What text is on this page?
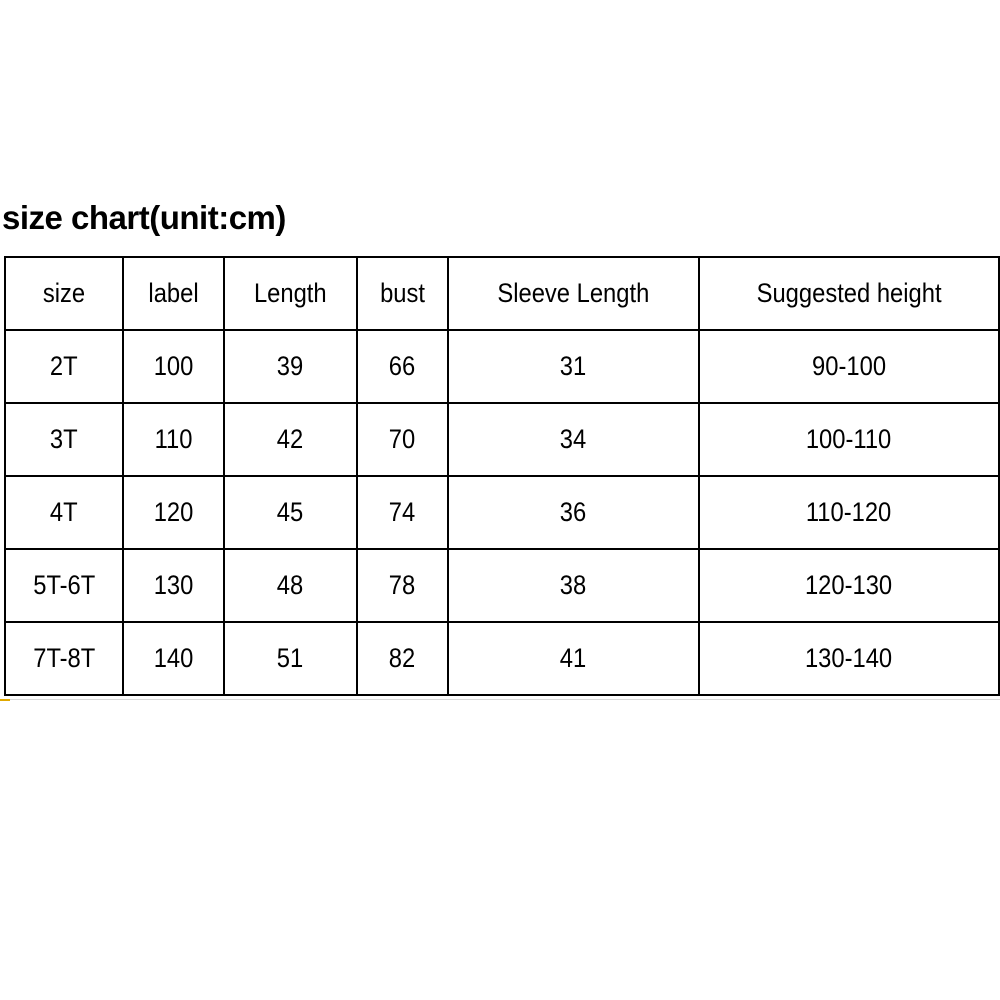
size chart(unit:cm)
size	label	Length	bust	Sleeve Length	Suggested height
2T	100	39	66	31	90-100
3T	110	42	70	34	100-110
4T	120	45	74	36	110-120
5T-6T	130	48	78	38	120-130
7T-8T	140	51	82	41	130-140
